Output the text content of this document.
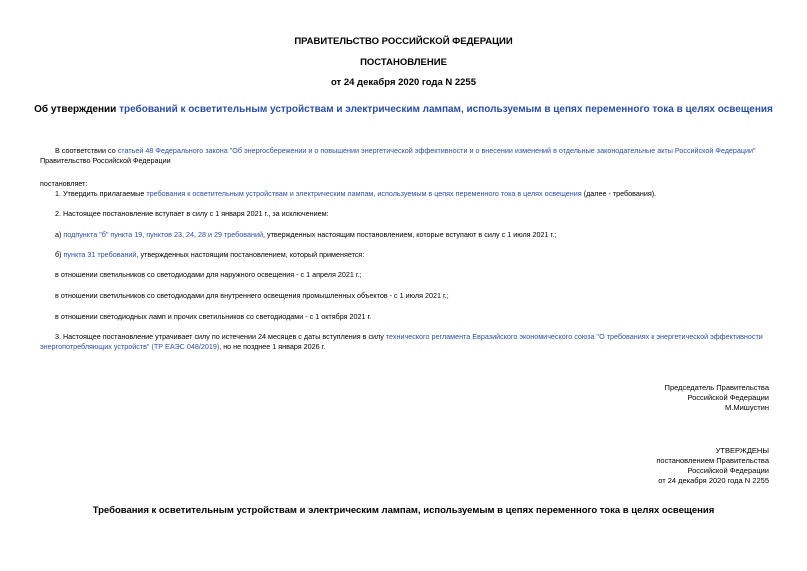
ПРАВИТЕЛЬСТВО РОССИЙСКОЙ ФЕДЕРАЦИИ
ПОСТАНОВЛЕНИЕ
от 24 декабря 2020 года N 2255
Об утверждении требований к осветительным устройствам и электрическим лампам, используемым в цепях переменного тока в целях освещения
В соответствии со статьей 48 Федерального закона "Об энергосбережении и о повышении энергетической эффективности и о внесении изменений в отдельные законодательные акты Российской Федерации" Правительство Российской Федерации
постановляет:
1. Утвердить прилагаемые требования к осветительным устройствам и электрическим лампам, используемым в цепях переменного тока в целях освещения (далее - требования).
2. Настоящее постановление вступает в силу с 1 января 2021 г., за исключением:
а) подпункта "б" пункта 19, пунктов 23, 24, 28 и 29 требований, утвержденных настоящим постановлением, которые вступают в силу с 1 июля 2021 г.;
б) пункта 31 требований, утвержденных настоящим постановлением, который применяется:
в отношении светильников со светодиодами для наружного освещения - с 1 апреля 2021 г.;
в отношении светильников со светодиодами для внутреннего освещения промышленных объектов - с 1 июля 2021 г.;
в отношении светодиодных ламп и прочих светильников со светодиодами - с 1 октября 2021 г.
3. Настоящее постановление утрачивает силу по истечении 24 месяцев с даты вступления в силу технического регламента Евразийского экономического союза "О требованиях к энергетической эффективности энергопотребляющих устройств" (ТР ЕАЭС 048/2019), но не позднее 1 января 2026 г.
Председатель Правительства
Российской Федерации
М.Мишустин
УТВЕРЖДЕНЫ
постановлением Правительства
Российской Федерации
от 24 декабря 2020 года N 2255
Требования к осветительным устройствам и электрическим лампам, используемым в цепях переменного тока в целях освещения
